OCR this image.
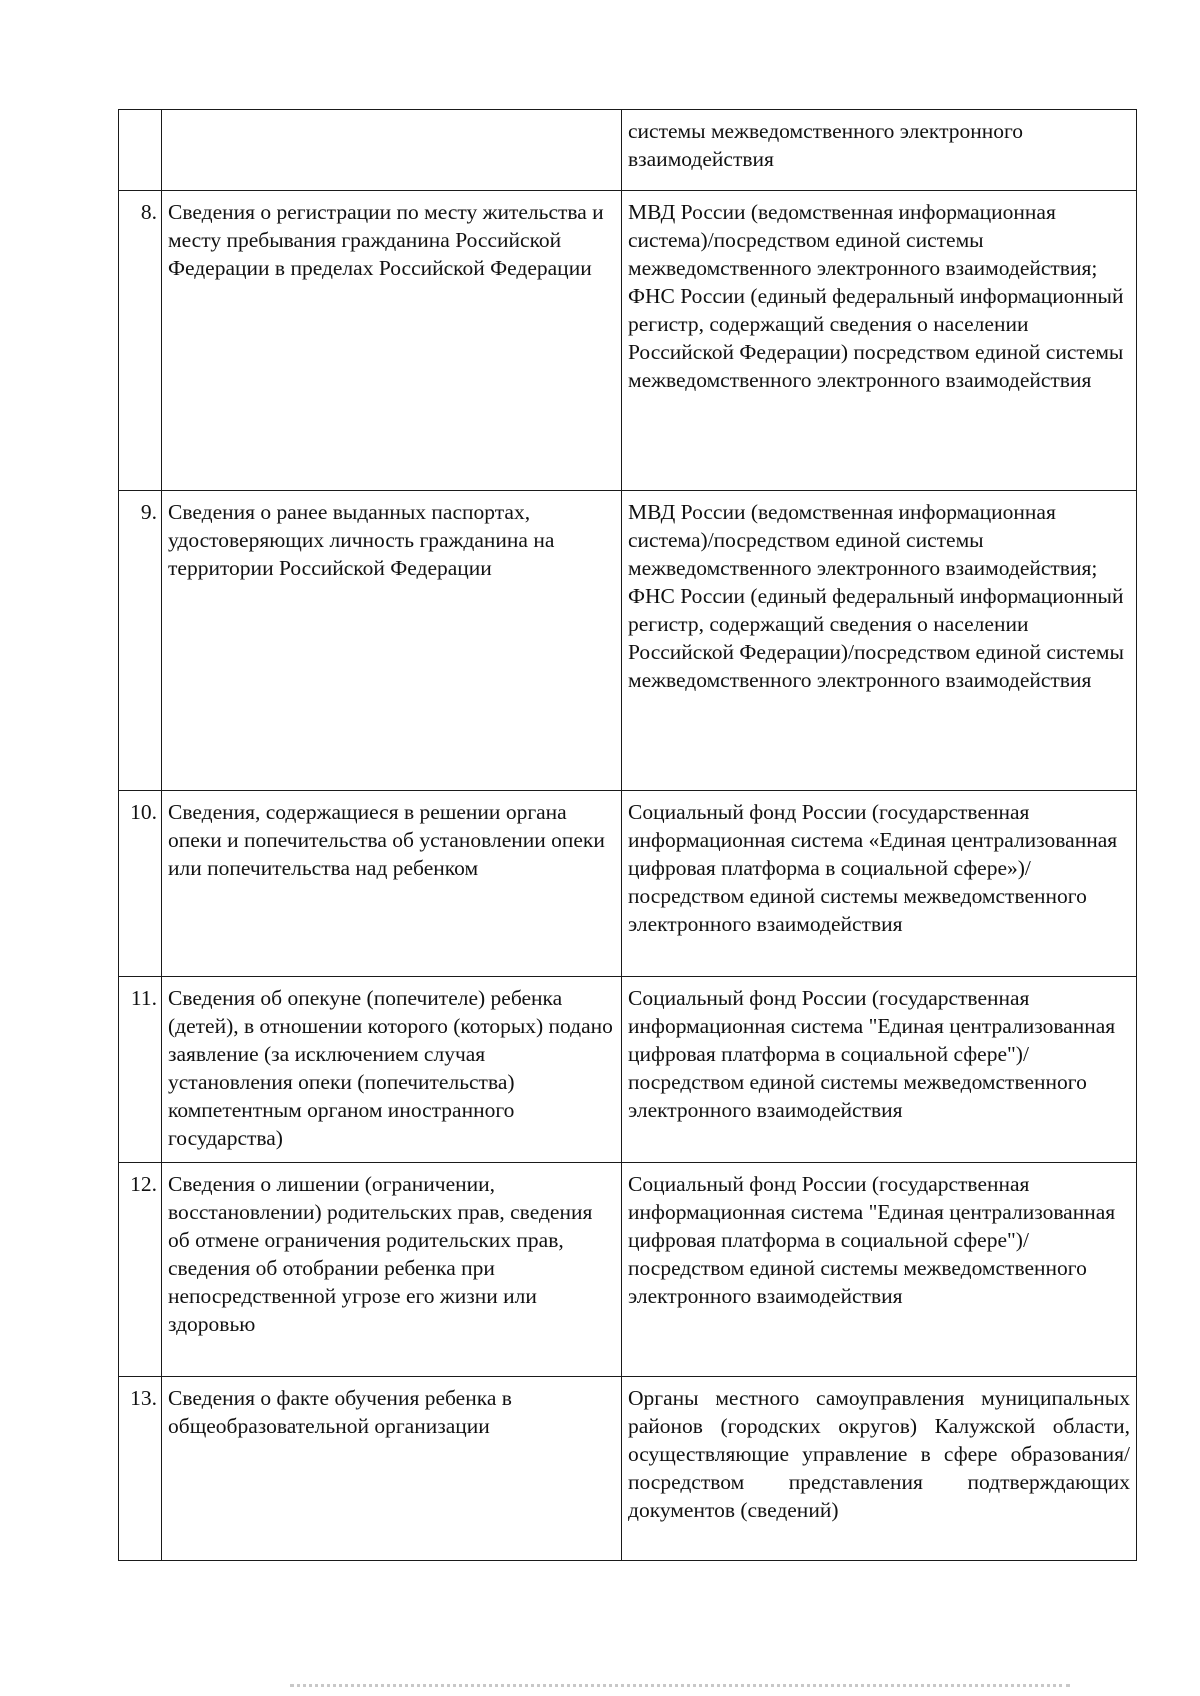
		системы межведомственного электронного взаимодействия
8.	Сведения о регистрации по месту жительства и месту пребывания гражданина Российской Федерации в пределах Российской Федерации	МВД России (ведомственная информационная система)/посредством единой системы межведомственного электронного взаимодействия; ФНС России (единый федеральный информационный регистр, содержащий сведения о населении Российской Федерации) посредством единой системы межведомственного электронного взаимодействия
9.	Сведения о ранее выданных паспортах, удостоверяющих личность гражданина на территории Российской Федерации	МВД России (ведомственная информационная система)/посредством единой системы межведомственного электронного взаимодействия; ФНС России (единый федеральный информационный регистр, содержащий сведения о населении Российской Федерации)/посредством единой системы межведомственного электронного взаимодействия
10.	Сведения, содержащиеся в решении органа опеки и попечительства об установлении опеки или попечительства над ребенком	Социальный фонд России (государственная информационная система «Единая централизованная цифровая платформа в социальной сфере»)/посредством единой системы межведомственного электронного взаимодействия
11.	Сведения об опекуне (попечителе) ребенка (детей), в отношении которого (которых) подано заявление (за исключением случая установления опеки (попечительства) компетентным органом иностранного государства)	Социальный фонд России (государственная информационная система "Единая централизованная цифровая платформа в социальной сфере")/посредством единой системы межведомственного электронного взаимодействия
12.	Сведения о лишении (ограничении, восстановлении) родительских прав, сведения об отмене ограничения родительских прав, сведения об отобрании ребенка при непосредственной угрозе его жизни или здоровью	Социальный фонд России (государственная информационная система "Единая централизованная цифровая платформа в социальной сфере")/посредством единой системы межведомственного электронного взаимодействия
13.	Сведения о факте обучения ребенка в общеобразовательной организации	Органы местного самоуправления муниципальных районов (городских округов) Калужской области, осуществляющие управление в сфере образования/ посредством представления подтверждающих документов (сведений)
